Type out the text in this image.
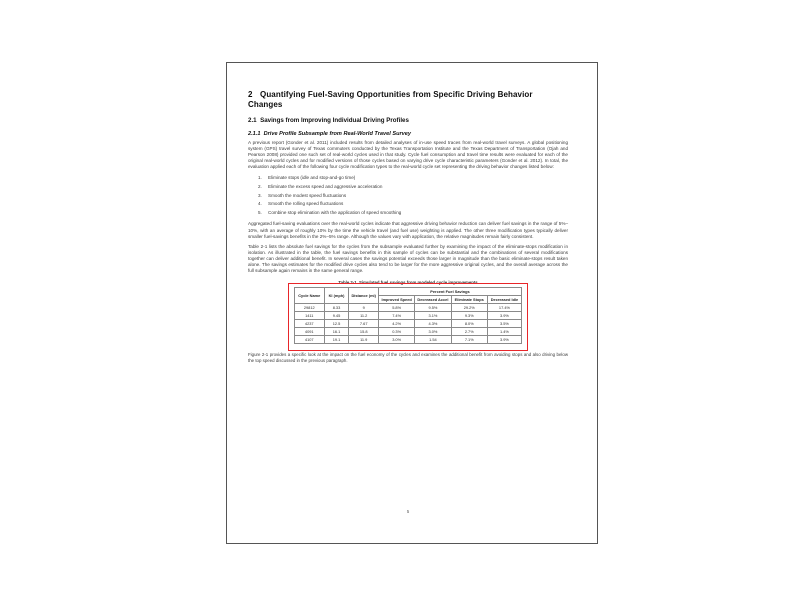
2 Quantifying Fuel-Saving Opportunities from Specific Driving Behavior Changes
2.1 Savings from Improving Individual Driving Profiles
2.1.1 Drive Profile Subsample from Real-World Travel Survey

A previous report (Gonder et al. 2011) included results from detailed analyses of in-use speed traces from real-world travel surveys. A global positioning system (GPS) travel survey of Texas commuters conducted by the Texas Transportation Institute and the Texas Department of Transportation (Ojah and Pearson 2008) provided one such set of real-world cycles used in that study. Cycle fuel consumption and travel time results were evaluated for each of the original real-world cycles and for modified versions of those cycles based on varying drive cycle characteristic parameters (Gonder et al. 2012). In total, the evaluation applied each of the following four cycle modification types to the real-world cycle set representing the driving behavior changes listed below:

1. Eliminate stops (idle and stop-and-go time)
2. Eliminate the excess speed and aggressive acceleration
3. Smooth the modest speed fluctuations
4. Smooth the rolling speed fluctuations
5. Combine stop elimination with the application of speed smoothing

Aggregated fuel-saving evaluations over the real-world cycles indicate that aggressive driving behavior reduction can deliver fuel savings in the range of 5%–10%, with an average of roughly 10% by the time the vehicle travel (and fuel use) weighting is applied. The other three modification types typically deliver smaller fuel-savings benefits in the 2%–5% range. Although the values vary with application, the relative magnitudes remain fairly consistent.

Table 2-1 lists the absolute fuel savings for the cycles from the subsample evaluated further by examining the impact of the eliminate-stops modification in isolation. As illustrated in the table, the fuel savings benefits in this sample of cycles can be substantial and the combinations of several modifications together can deliver additional benefit. In several cases the savings potential exceeds those larger in magnitude than the basic eliminate-stops result taken alone. The savings estimates for the modified drive cycles also tend to be larger for the more aggressive original cycles, and the overall average across the full subsample again remains in the same general range.

Table 2-1. Simulated fuel savings from modeled cycle improvements
Cycle Name	Kl (mph)	Distance (mi)	Percent Fuel Savings			
			Improved Speed	Decreased Accel	Eliminate Stops	Decreased Idle
29812	8.33	9	5.8%	9.5%	29.2%	17.4%
1411	9.45	11.2	7.4%	3.1%	9.3%	3.9%
4237	12.5	7.67	4.2%	4.3%	8.0%	3.5%
4091	16.1	15.8	0.3%	3.0%	2.7%	1.4%
4107	19.1	11.9	3.0%	1.54	7.1%	3.9%

Figure 2-1 provides a specific look at the impact on the fuel economy of the cycles and examines the additional benefit from avoiding stops and also driving below the top speed discussed in the previous paragraph.

5
